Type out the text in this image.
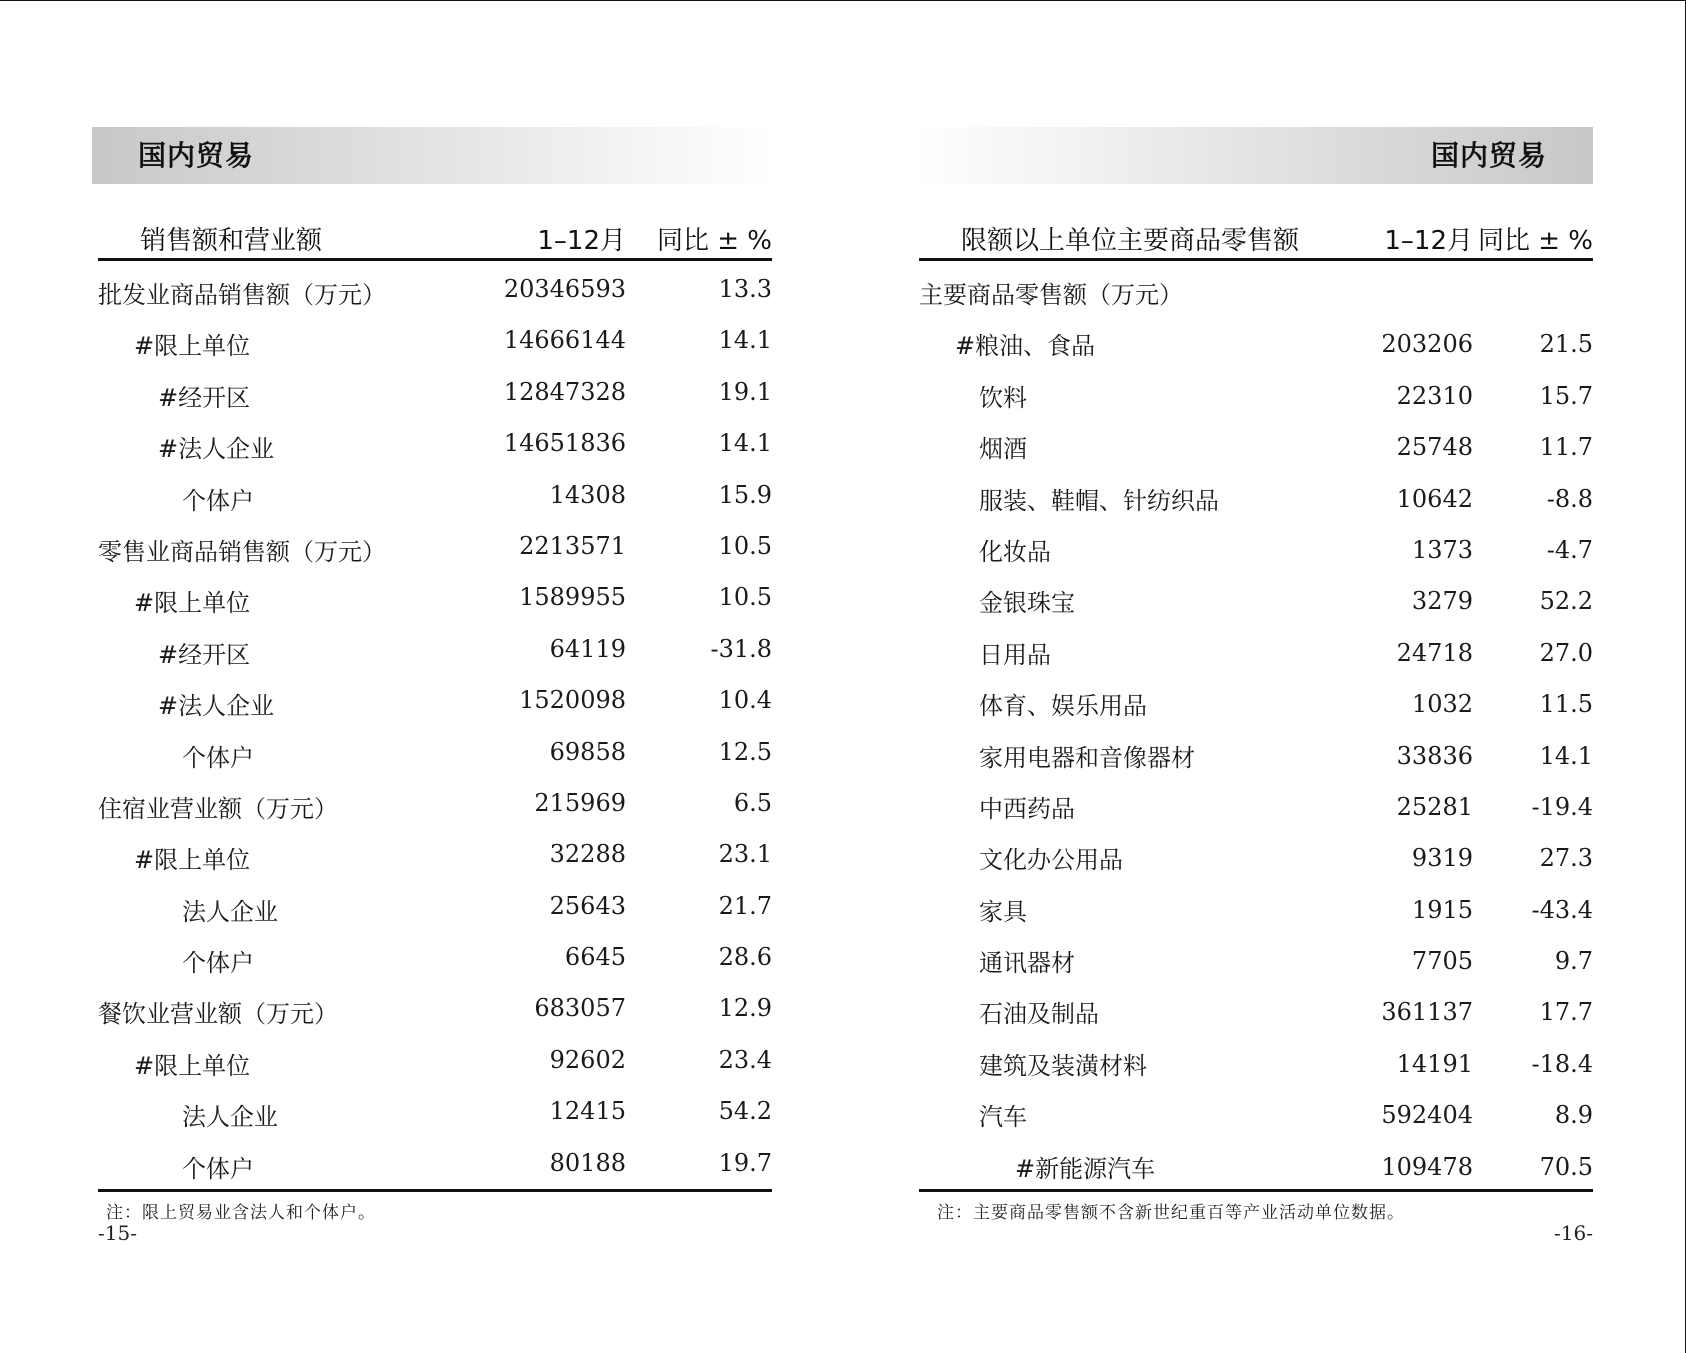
国内贸易
销售额和营业额	1–12月 同比 ± %
批发业商品销售额（万元）	20346593	13.3
#限上单位	14666144	14.1
#经开区	12847328	19.1
#法人企业	14651836	14.1
个体户	14308	15.9
零售业商品销售额（万元）	2213571	10.5
#限上单位	1589955	10.5
#经开区	64119	-31.8
#法人企业	1520098	10.4
个体户	69858	12.5
住宿业营业额（万元）	215969	6.5
#限上单位	32288	23.1
法人企业	25643	21.7
个体户	6645	28.6
餐饮业营业额（万元）	683057	12.9
#限上单位	92602	23.4
法人企业	12415	54.2
个体户	80188	19.7
注：限上贸易业含法人和个体户。
-15-
国内贸易
限额以上单位主要商品零售额	1–12月 同比 ± %
主要商品零售额（万元）
#粮油、食品	203206	21.5
饮料	22310	15.7
烟酒	25748	11.7
服装、鞋帽、针纺织品	10642	-8.8
化妆品	1373	-4.7
金银珠宝	3279	52.2
日用品	24718	27.0
体育、娱乐用品	1032	11.5
家用电器和音像器材	33836	14.1
中西药品	25281 -19.4
文化办公用品	9319	27.3
家具	1915 -43.4
通讯器材	7705	9.7
石油及制品	361137	17.7
建筑及装潢材料	14191 -18.4
汽车	592404	8.9
#新能源汽车	109478	70.5
注：主要商品零售额不含新世纪重百等产业活动单位数据。
-16-
